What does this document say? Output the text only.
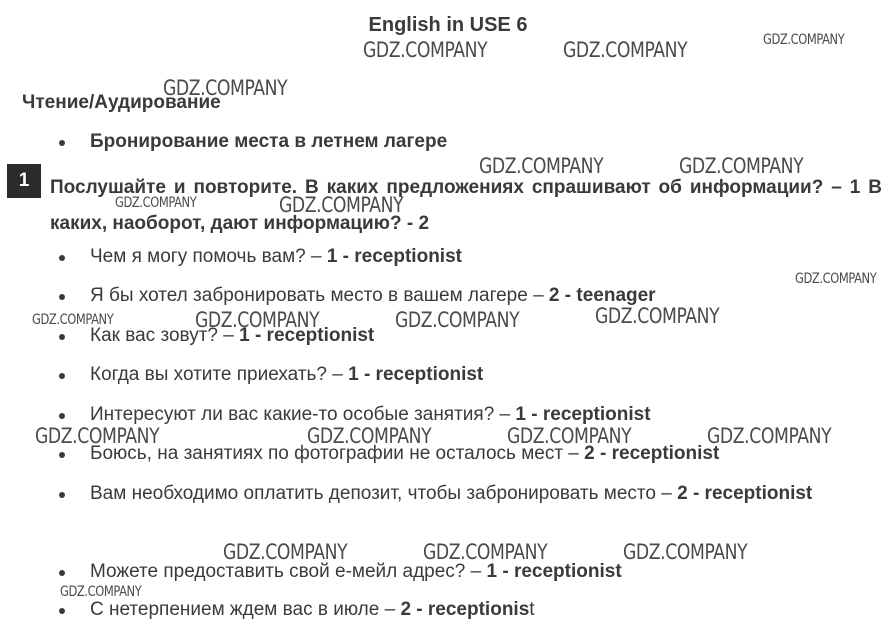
English in USE 6
Чтение/Аудирование
Бронирование места в летнем лагере
1	Послушайте и повторите. В каких предложениях спрашивают об информации? – 1 В каких, наоборот, дают информацию? - 2
Чем я могу помочь вам? – 1 - receptionist
Я бы хотел забронировать место в вашем лагере – 2 - teenager
Как вас зовут? – 1 - receptionist
Когда вы хотите приехать? – 1 - receptionist
Интересуют ли вас какие-то особые занятия? – 1 - receptionist
Боюсь, на занятиях по фотографии не осталось мест – 2 - receptionist
Вам необходимо оплатить депозит, чтобы забронировать место – 2 - receptionist
Можете предоставить свой е-мейл адрес? – 1 - receptionist
С нетерпением ждем вас в июле – 2 - receptionist
GDZ.COMPANY	GDZ.COMPANY	GDZ.COMPANY
GDZ.COMPANY
GDZ.COMPANY	GDZ.COMPANY
GDZ.COMPANY	GDZ.COMPANY
GDZ.COMPANY
GDZ.COMPANY	GDZ.COMPANY	GDZ.COMPANY	GDZ.COMPANY
GDZ.COMPANY	GDZ.COMPANY	GDZ.COMPANY	GDZ.COMPANY
GDZ.COMPANY	GDZ.COMPANY	GDZ.COMPANY
GDZ.COMPANY
